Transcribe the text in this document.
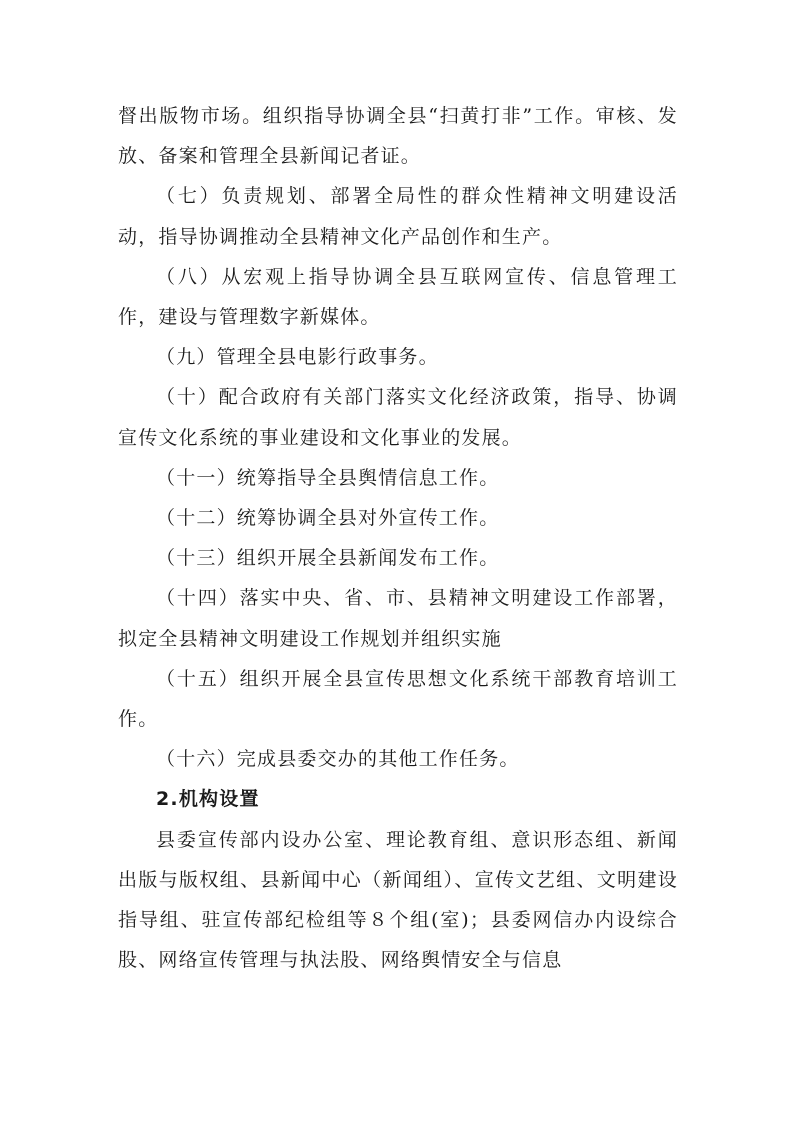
督出版物市场。组织指导协调全县“扫黄打非”工作。审核、发放、备案和管理全县新闻记者证。

（七）负责规划、部署全局性的群众性精神文明建设活动，指导协调推动全县精神文化产品创作和生产。

（八）从宏观上指导协调全县互联网宣传、信息管理工作，建设与管理数字新媒体。

（九）管理全县电影行政事务。

（十）配合政府有关部门落实文化经济政策，指导、协调宣传文化系统的事业建设和文化事业的发展。

（十一）统筹指导全县舆情信息工作。

（十二）统筹协调全县对外宣传工作。

（十三）组织开展全县新闻发布工作。

（十四）落实中央、省、市、县精神文明建设工作部署，拟定全县精神文明建设工作规划并组织实施

（十五）组织开展全县宣传思想文化系统干部教育培训工作。

（十六）完成县委交办的其他工作任务。

2.机构设置

县委宣传部内设办公室、理论教育组、意识形态组、新闻出版与版权组、县新闻中心（新闻组）、宣传文艺组、文明建设指导组、驻宣传部纪检组等８个组(室)；县委网信办内设综合股、网络宣传管理与执法股、网络舆情安全与信息
